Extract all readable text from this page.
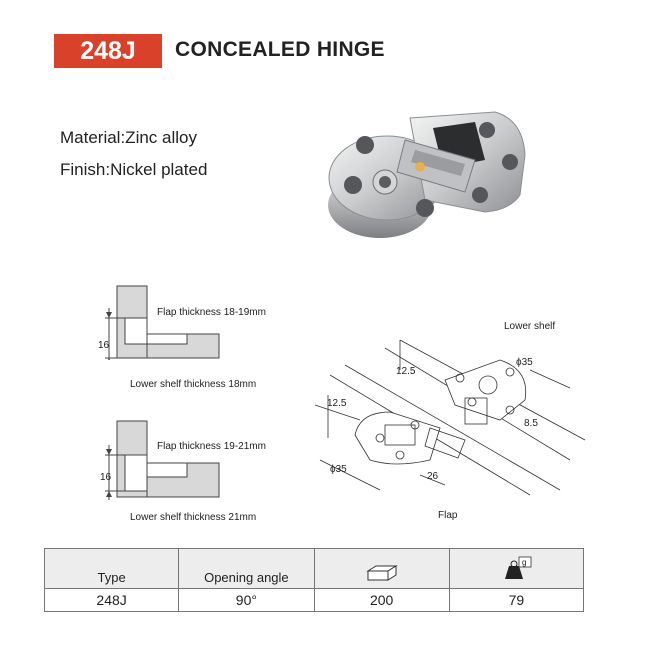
248J	CONCEALED HINGE
Material:Zinc alloy
Finish:Nickel plated
16
Flap thickness 18-19mm
Lower shelf thickness 18mm
16
Flap thickness 19-21mm
Lower shelf thickness 21mm
Lower shelf
Flap
12.5
12.5
ϕ35
ϕ35
8.5
26
Type	Opening angle		g

248J	90°	200	79
